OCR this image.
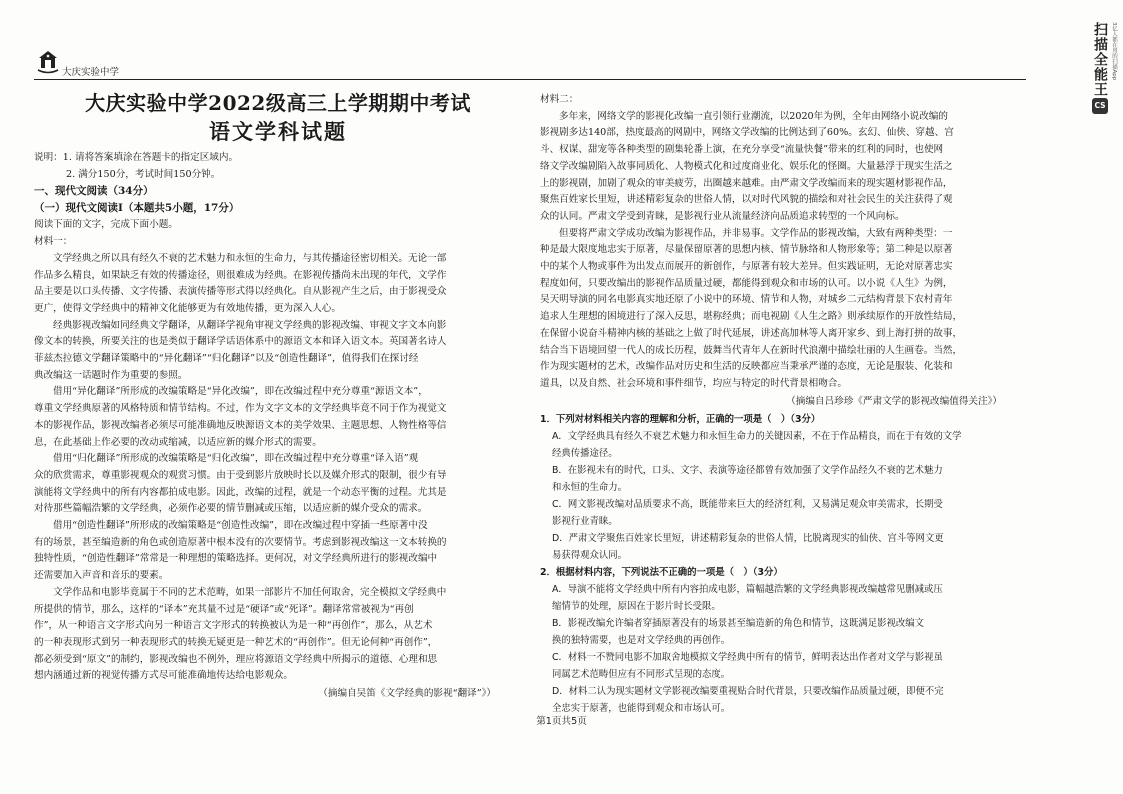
大庆实验中学
大庆实验中学2022级高三上学期期中考试
语文学科试题
说明：1. 请将答案填涂在答题卡的指定区域内。
2. 满分150分，考试时间150分钟。
一、现代文阅读（34分）
（一）现代文阅读Ⅰ（本题共5小题，17分）
阅读下面的文字，完成下面小题。
材料一：
文学经典之所以具有经久不衰的艺术魅力和永恒的生命力，与其传播途径密切相关。无论一部
作品多么精良，如果缺乏有效的传播途径，则很难成为经典。在影视传播尚未出现的年代，文学作
品主要是以口头传播、文字传播、表演传播等形式得以经典化。自从影视产生之后，由于影视受众
更广，使得文学经典中的精神文化能够更为有效地传播，更为深入人心。
经典影视改编如同经典文学翻译，从翻译学视角审视文学经典的影视改编、审视文字文本向影
像文本的转换，所要关注的也是类似于翻译学话语体系中的源语文本和译入语文本。英国著名诗人
菲兹杰拉德文学翻译策略中的“异化翻译”“归化翻译”以及“创造性翻译”，值得我们在探讨经
典改编这一话题时作为重要的参照。
借用“异化翻译”所形成的改编策略是“异化改编”，即在改编过程中充分尊重“源语文本”，
尊重文学经典原著的风格特质和情节结构。不过，作为文字文本的文学经典毕竟不同于作为视觉文
本的影视作品，影视改编者必须尽可能准确地反映源语文本的美学效果、主题思想、人物性格等信
息，在此基础上作必要的改动或缩减，以适应新的媒介形式的需要。
借用“归化翻译”所形成的改编策略是“归化改编”，即在改编过程中充分尊重“译入语”观
众的欣赏需求，尊重影视观众的观赏习惯。由于受到影片放映时长以及媒介形式的限制，很少有导
演能将文学经典中的所有内容都拍成电影。因此，改编的过程，就是一个动态平衡的过程。尤其是
对待那些篇幅浩繁的文学经典，必须作必要的情节删减或压缩，以适应新的媒介受众的需求。
借用“创造性翻译”所形成的改编策略是“创造性改编”，即在改编过程中穿插一些原著中没
有的场景，甚至编造新的角色或创造原著中根本没有的次要情节。考虑到影视改编这一文本转换的
独特性质，“创造性翻译”常常是一种理想的策略选择。更何况，对文学经典所进行的影视改编中
还需要加入声音和音乐的要素。
文学作品和电影毕竟属于不同的艺术范畴，如果一部影片不加任何取舍，完全模拟文学经典中
所提供的情节，那么，这样的“译本”充其量不过是“硬译”或“死译”。翻译常常被视为“再创
作”，从一种语言文字形式向另一种语言文字形式的转换被认为是一种“再创作”，那么，从艺术
的一种表现形式到另一种表现形式的转换无疑更是一种艺术的“再创作”。但无论何种“再创作”，
都必须受到“原文”的制约，影视改编也不例外，理应将源语文学经典中所揭示的道德、心理和思
想内涵通过新的视觉传播方式尽可能准确地传达给电影观众。
（摘编自吴笛《文学经典的影视“翻译”》）
材料二：
多年来，网络文学的影视化改编一直引领行业潮流，以2020年为例，全年由网络小说改编的
影视剧多达140部，热度最高的网剧中，网络文学改编的比例达到了60%。玄幻、仙侠、穿越、宫
斗、权谋、甜宠等各种类型的剧集轮番上演，在充分享受“流量快餐”带来的红利的同时，也使网
络文学改编剧陷入故事同质化、人物模式化和过度商业化、娱乐化的怪圈。大量悬浮于现实生活之
上的影视剧，加剧了观众的审美疲劳，出圈越来越难。由严肃文学改编而来的现实题材影视作品，
聚焦百姓家长里短，讲述精彩复杂的世俗人情，以对时代风貌的描绘和对社会民生的关注获得了观
众的认同。严肃文学受到青睐，是影视行业从流量经济向品质追求转型的一个风向标。
但要将严肃文学成功改编为影视作品，并非易事。文学作品的影视改编，大致有两种类型：一
种是最大限度地忠实于原著，尽量保留原著的思想内核、情节脉络和人物形象等；第二种是以原著
中的某个人物或事件为出发点而展开的新创作，与原著有较大差异。但实践证明，无论对原著忠实
程度如何，只要改编出的影视作品质量过硬，都能得到观众和市场的认可。以小说《人生》为例，
吴天明导演的同名电影真实地还原了小说中的环境、情节和人物，对城乡二元结构背景下农村青年
追求人生理想的困境进行了深入反思，堪称经典；而电视剧《人生之路》则承续原作的开放性结局，
在保留小说奋斗精神内核的基础之上做了时代延展，讲述高加林等人离开家乡、到上海打拼的故事，
结合当下语境回望一代人的成长历程，鼓舞当代青年人在新时代浪潮中描绘壮丽的人生画卷。当然，
作为现实题材的艺术，改编作品对历史和生活的反映都应当秉承严谨的态度，无论是服装、化装和
道具，以及自然、社会环境和事件细节，均应与特定的时代背景相吻合。
（摘编自吕珍珍《严肃文学的影视改编值得关注》）
1．下列对材料相关内容的理解和分析，正确的一项是（　）（3分）
A．文学经典具有经久不衰艺术魅力和永恒生命力的关键因素，不在于作品精良，而在于有效的文学
经典传播途径。
B．在影视未有的时代，口头、文字、表演等途径都曾有效加强了文学作品经久不衰的艺术魅力
和永恒的生命力。
C．网文影视改编对品质要求不高，既能带来巨大的经济红利，又易满足观众审美需求，长期受
影视行业青睐。
D．严肃文学聚焦百姓家长里短，讲述精彩复杂的世俗人情，比脱离现实的仙侠、宫斗等网文更
易获得观众认同。
2．根据材料内容，下列说法不正确的一项是（　）（3分）
A．导演不能将文学经典中所有内容拍成电影，篇幅越浩繁的文学经典影视改编越常见删减或压
缩情节的处理，原因在于影片时长受限。
B．影视改编允许编者穿插原著没有的场景甚至编造新的角色和情节，这既满足影视改编文
换的独特需要，也是对文学经典的再创作。
C．材料一不赞同电影不加取舍地模拟文学经典中所有的情节，鲜明表达出作者对文学与影视虽
同属艺术范畴但应有不同形式呈现的态度。
D．材料二认为现实题材文学影视改编要重视贴合时代背景，只要改编作品质量过硬，即便不完
全忠实于原著，也能得到观众和市场认可。
第1页共5页
扫描全能王 3亿人都在用的扫描App
CS
